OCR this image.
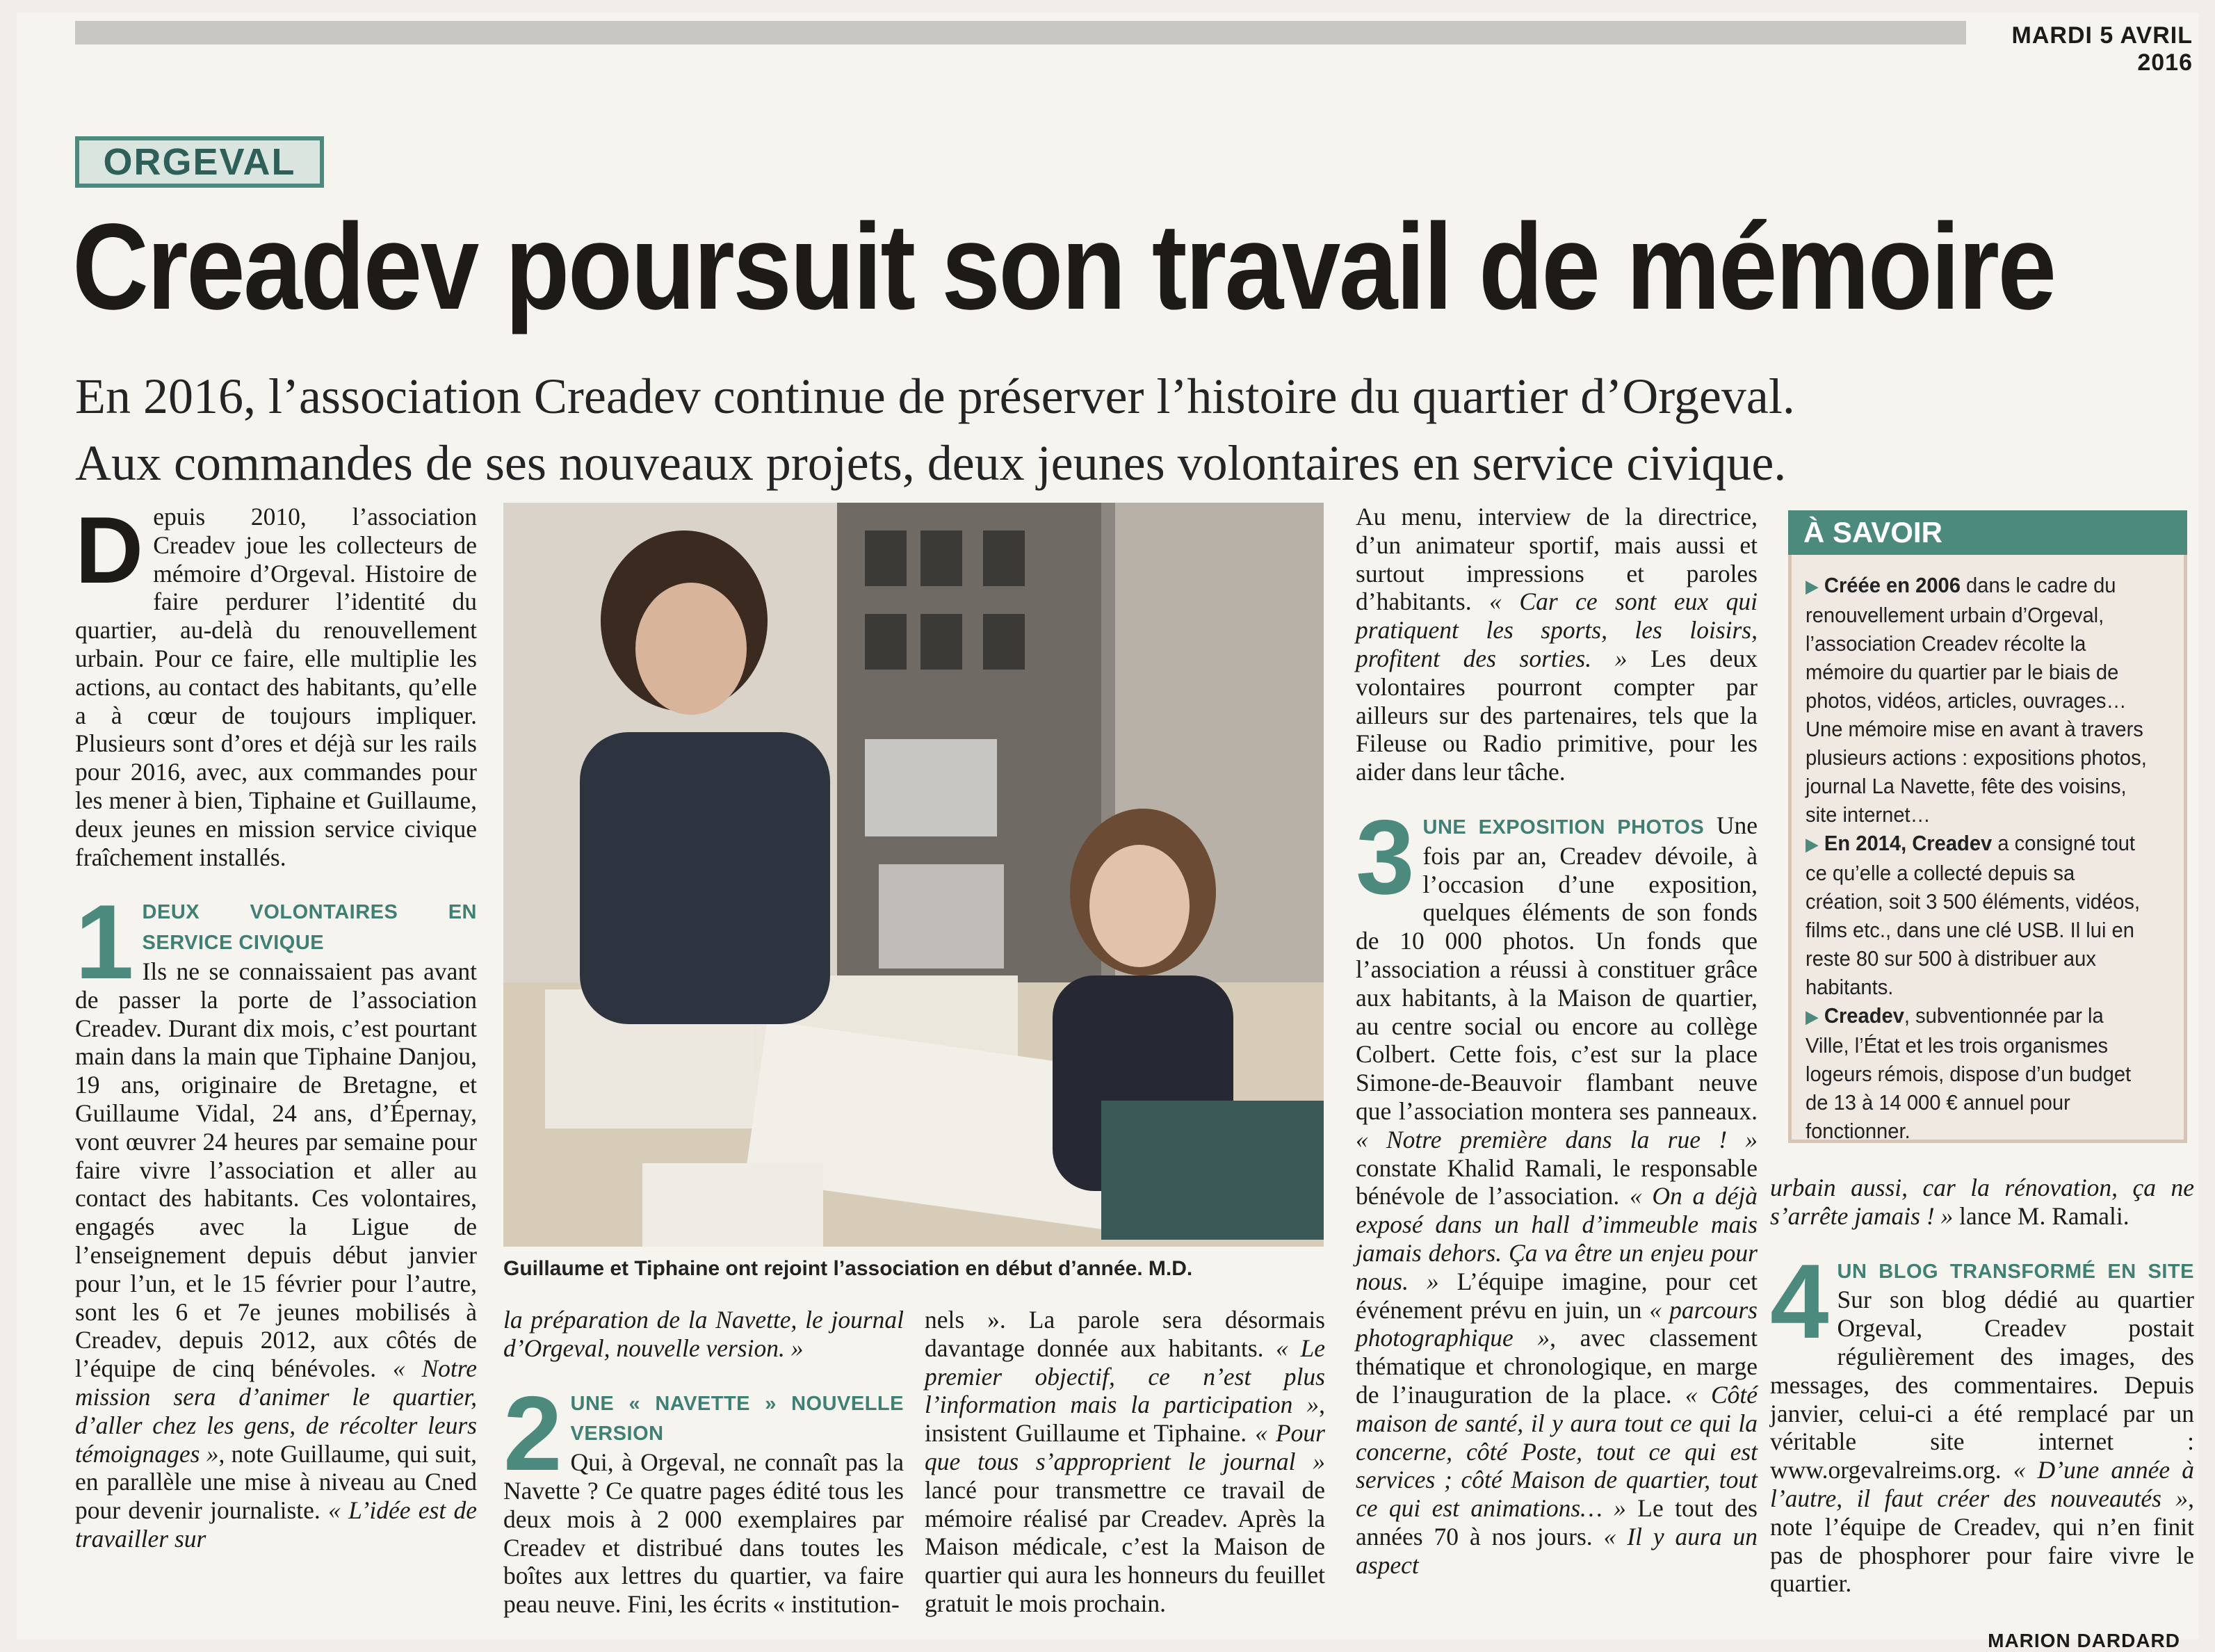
MARDI 5 AVRIL 2016
ORGEVAL
Creadev poursuit son travail de mémoire
En 2016, l’association Creadev continue de préserver l’histoire du quartier d’Orgeval.
Aux commandes de ses nouveaux projets, deux jeunes volontaires en service civique.

Depuis 2010, l’association Creadev joue les collecteurs de mémoire d’Orgeval. Histoire de faire perdurer l’identité du quartier, au-delà du renouvellement urbain. Pour ce faire, elle multiplie les actions, au contact des habitants, qu’elle a à cœur de toujours impliquer. Plusieurs sont d’ores et déjà sur les rails pour 2016, avec, aux commandes pour les mener à bien, Tiphaine et Guillaume, deux jeunes en mission service civique fraîchement installés.

1 DEUX VOLONTAIRES EN SERVICE CIVIQUE
Ils ne se connaissaient pas avant de passer la porte de l’association Creadev. Durant dix mois, c’est pourtant main dans la main que Tiphaine Danjou, 19 ans, originaire de Bretagne, et Guillaume Vidal, 24 ans, d’Épernay, vont œuvrer 24 heures par semaine pour faire vivre l’association et aller au contact des habitants. Ces volontaires, engagés avec la Ligue de l’enseignement depuis début janvier pour l’un, et le 15 février pour l’autre, sont les 6 et 7e jeunes mobilisés à Creadev, depuis 2012, aux côtés de l’équipe de cinq bénévoles. « Notre mission sera d’animer le quartier, d’aller chez les gens, de récolter leurs témoignages », note Guillaume, qui suit, en parallèle une mise à niveau au Cned pour devenir journaliste. « L’idée est de travailler sur

Guillaume et Tiphaine ont rejoint l’association en début d’année. M.D.

la préparation de la Navette, le journal d’Orgeval, nouvelle version. »

2 UNE « NAVETTE » NOUVELLE VERSION
Qui, à Orgeval, ne connaît pas la Navette ? Ce quatre pages édité tous les deux mois à 2 000 exemplaires par Creadev et distribué dans toutes les boîtes aux lettres du quartier, va faire peau neuve. Fini, les écrits « institution-

nels ». La parole sera désormais davantage donnée aux habitants. « Le premier objectif, ce n’est plus l’information mais la participation », insistent Guillaume et Tiphaine. « Pour que tous s’approprient le journal » lancé pour transmettre ce travail de mémoire réalisé par Creadev. Après la Maison médicale, c’est la Maison de quartier qui aura les honneurs du feuillet gratuit le mois prochain.

Au menu, interview de la directrice, d’un animateur sportif, mais aussi et surtout impressions et paroles d’habitants. « Car ce sont eux qui pratiquent les sports, les loisirs, profitent des sorties. » Les deux volontaires pourront compter par ailleurs sur des partenaires, tels que la Fileuse ou Radio primitive, pour les aider dans leur tâche.

3 UNE EXPOSITION PHOTOS Une fois par an, Creadev dévoile, à l’occasion d’une exposition, quelques éléments de son fonds de 10 000 photos. Un fonds que l’association a réussi à constituer grâce aux habitants, à la Maison de quartier, au centre social ou encore au collège Colbert. Cette fois, c’est sur la place Simone-de-Beauvoir flambant neuve que l’association montera ses panneaux. « Notre première dans la rue ! » constate Khalid Ramali, le responsable bénévole de l’association. « On a déjà exposé dans un hall d’immeuble mais jamais dehors. Ça va être un enjeu pour nous. » L’équipe imagine, pour cet événement prévu en juin, un « parcours photographique », avec classement thématique et chronologique, en marge de l’inauguration de la place. « Côté maison de santé, il y aura tout ce qui la concerne, côté Poste, tout ce qui est services ; côté Maison de quartier, tout ce qui est animations… » Le tout des années 70 à nos jours. « Il y aura un aspect

À SAVOIR

▶ Créée en 2006 dans le cadre du renouvellement urbain d’Orgeval, l’association Creadev récolte la mémoire du quartier par le biais de photos, vidéos, articles, ouvrages… Une mémoire mise en avant à travers plusieurs actions : expositions photos, journal La Navette, fête des voisins, site internet…

▶ En 2014, Creadev a consigné tout ce qu’elle a collecté depuis sa création, soit 3 500 éléments, vidéos, films etc., dans une clé USB. Il lui en reste 80 sur 500 à distribuer aux habitants.

▶ Creadev, subventionnée par la Ville, l’État et les trois organismes logeurs rémois, dispose d’un budget de 13 à 14 000 € annuel pour fonctionner.

urbain aussi, car la rénovation, ça ne s’arrête jamais ! » lance M. Ramali.

4 UN BLOG TRANSFORMÉ EN SITE Sur son blog dédié au quartier Orgeval, Creadev postait régulièrement des images, des messages, des commentaires. Depuis janvier, celui-ci a été remplacé par un véritable site internet : www.orgevalreims.org. « D’une année à l’autre, il faut créer des nouveautés », note l’équipe de Creadev, qui n’en finit pas de phosphorer pour faire vivre le quartier.

MARION DARDARD
